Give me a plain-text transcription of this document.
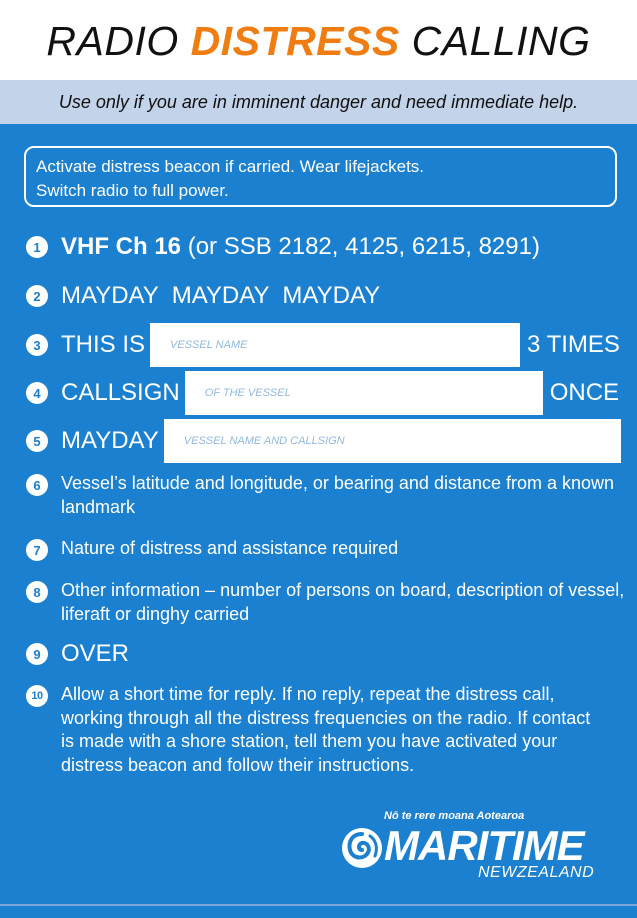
RADIO DISTRESS CALLING
Use only if you are in imminent danger and need immediate help.
Activate distress beacon if carried. Wear lifejackets.
Switch radio to full power.
1 VHF Ch 16 (or SSB 2182, 4125, 6215, 8291)
2 MAYDAY  MAYDAY  MAYDAY
3 THIS IS	VESSEL NAME	3 TIMES
4 CALLSIGN	OF THE VESSEL	ONCE
5 MAYDAY	VESSEL NAME AND CALLSIGN
6	Vessel’s latitude and longitude, or bearing and distance from a known landmark
7	Nature of distress and assistance required
8	Other information – number of persons on board, description of vessel, liferaft or dinghy carried
9 OVER
10 Allow a short time for reply. If no reply, repeat the distress call, working through all the distress frequencies on the radio. If contact is made with a shore station, tell them you have activated your distress beacon and follow their instructions.
Nō te rere moana Aotearoa
MARITIME
NEWZEALAND
